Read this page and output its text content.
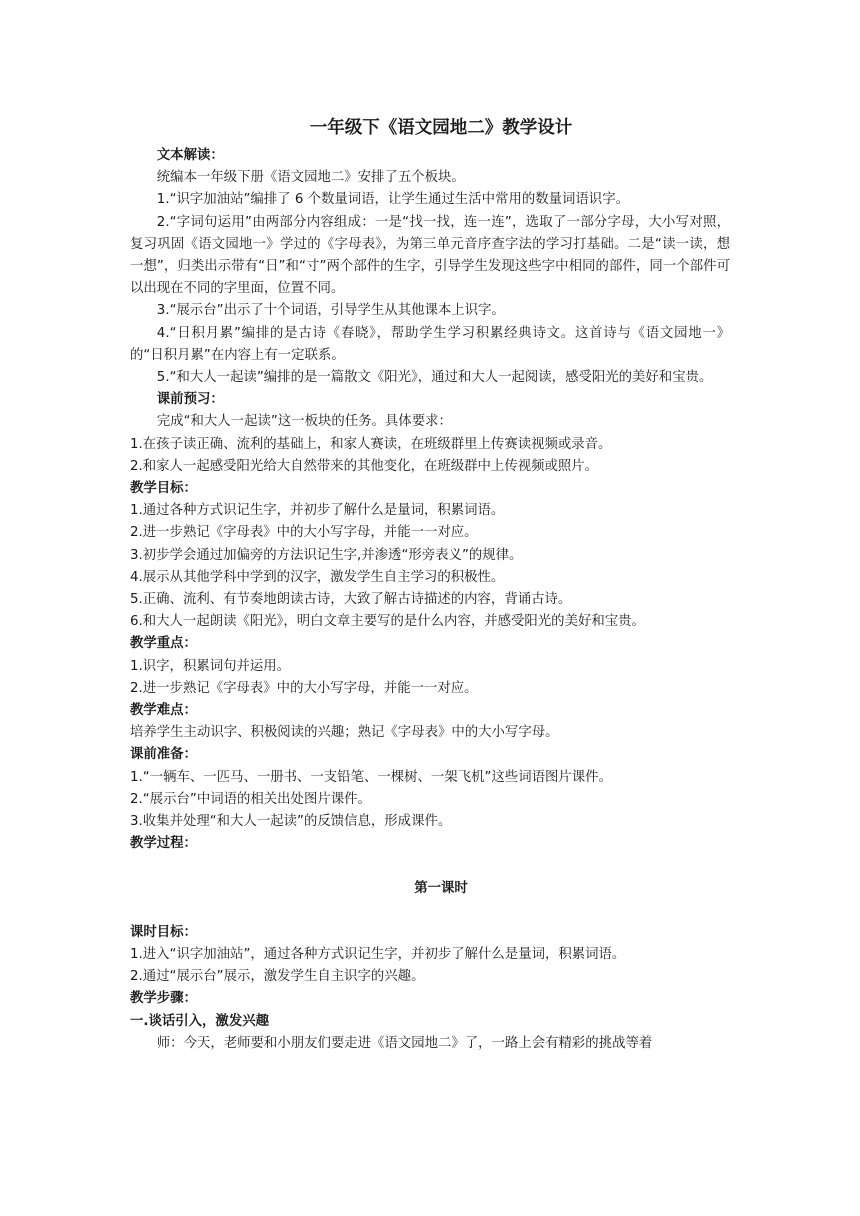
一年级下《语文园地二》教学设计

文本解读：

统编本一年级下册《语文园地二》安排了五个板块。

1.“识字加油站”编排了 6 个数量词语，让学生通过生活中常用的数量词语识字。

2.“字词句运用”由两部分内容组成：一是“找一找，连一连”，选取了一部分字母，大小写对照，复习巩固《语文园地一》学过的《字母表》，为第三单元音序查字法的学习打基础。二是“读一读，想一想”，归类出示带有“日”和“寸”两个部件的生字，引导学生发现这些字中相同的部件，同一个部件可以出现在不同的字里面，位置不同。

3.“展示台”出示了十个词语，引导学生从其他课本上识字。

4.“日积月累”编排的是古诗《春晓》，帮助学生学习积累经典诗文。这首诗与《语文园地一》的“日积月累”在内容上有一定联系。

5.“和大人一起读”编排的是一篇散文《阳光》，通过和大人一起阅读，感受阳光的美好和宝贵。

课前预习：

完成“和大人一起读”这一板块的任务。具体要求：

1.在孩子读正确、流利的基础上，和家人赛读，在班级群里上传赛读视频或录音。

2.和家人一起感受阳光给大自然带来的其他变化，在班级群中上传视频或照片。

教学目标：

1.通过各种方式识记生字，并初步了解什么是量词，积累词语。

2.进一步熟记《字母表》中的大小写字母，并能一一对应。

3.初步学会通过加偏旁的方法识记生字,并渗透“形旁表义”的规律。

4.展示从其他学科中学到的汉字，激发学生自主学习的积极性。

5.正确、流利、有节奏地朗读古诗，大致了解古诗描述的内容，背诵古诗。

6.和大人一起朗读《阳光》，明白文章主要写的是什么内容，并感受阳光的美好和宝贵。

教学重点：

1.识字，积累词句并运用。

2.进一步熟记《字母表》中的大小写字母，并能一一对应。

教学难点：

培养学生主动识字、积极阅读的兴趣；熟记《字母表》中的大小写字母。

课前准备：

1.“一辆车、一匹马、一册书、一支铅笔、一棵树、一架飞机”这些词语图片课件。

2.“展示台”中词语的相关出处图片课件。

3.收集并处理“和大人一起读”的反馈信息，形成课件。

教学过程：

第一课时

课时目标：

1.进入“识字加油站”，通过各种方式识记生字，并初步了解什么是量词，积累词语。

2.通过“展示台”展示，激发学生自主识字的兴趣。

教学步骤：

一.谈话引入，激发兴趣

师：今天，老师要和小朋友们要走进《语文园地二》了，一路上会有精彩的挑战等着
